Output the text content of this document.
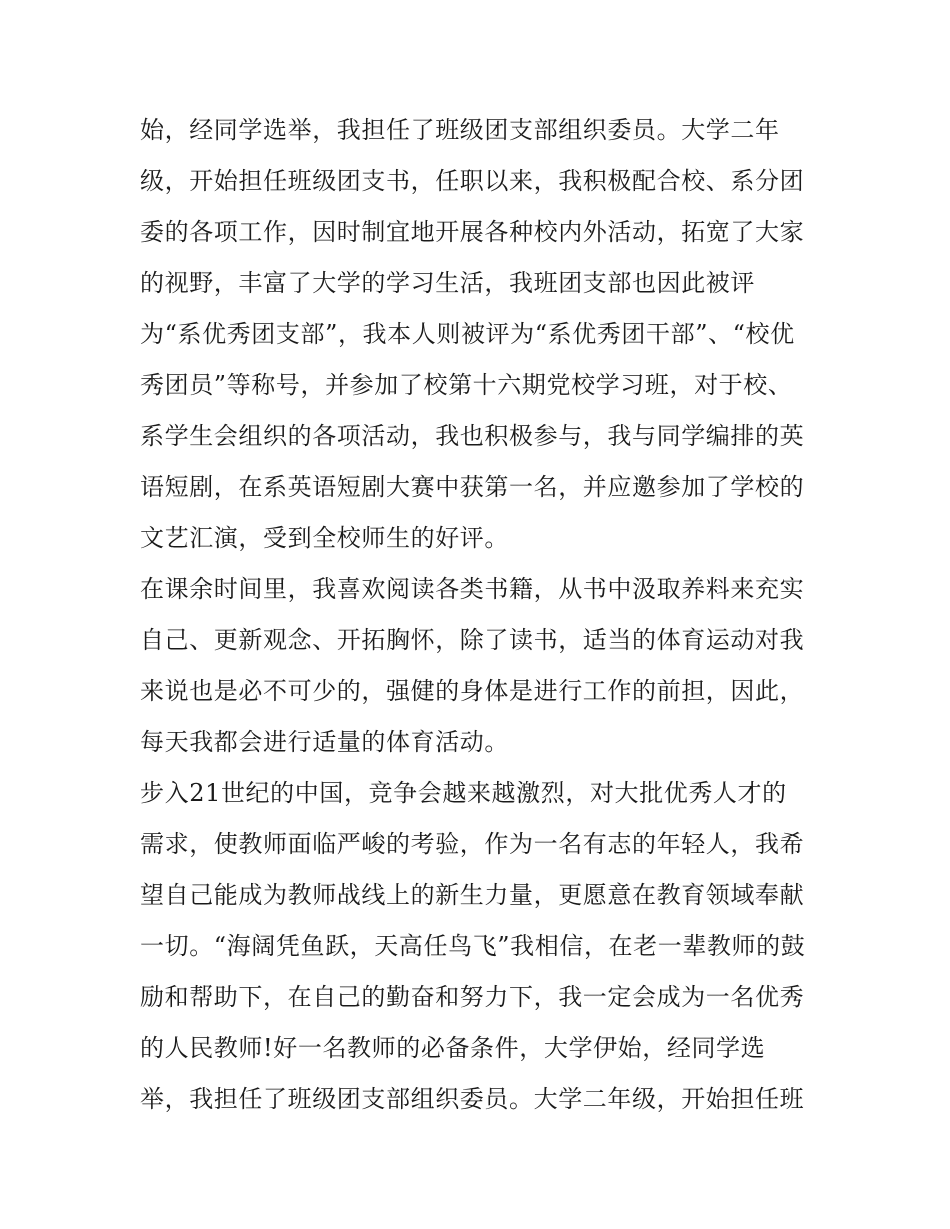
始，经同学选举，我担任了班级团支部组织委员。大学二年
级，开始担任班级团支书，任职以来，我积极配合校、系分团
委的各项工作，因时制宜地开展各种校内外活动，拓宽了大家
的视野，丰富了大学的学习生活，我班团支部也因此被评
为“系优秀团支部”，我本人则被评为“系优秀团干部”、“校优
秀团员”等称号，并参加了校第十六期党校学习班，对于校、
系学生会组织的各项活动，我也积极参与，我与同学编排的英
语短剧，在系英语短剧大赛中获第一名，并应邀参加了学校的
文艺汇演，受到全校师生的好评。
在课余时间里，我喜欢阅读各类书籍，从书中汲取养料来充实
自己、更新观念、开拓胸怀，除了读书，适当的体育运动对我
来说也是必不可少的，强健的身体是进行工作的前担，因此，
每天我都会进行适量的体育活动。
步入21世纪的中国，竞争会越来越激烈，对大批优秀人才的
需求，使教师面临严峻的考验，作为一名有志的年轻人，我希
望自己能成为教师战线上的新生力量，更愿意在教育领域奉献
一切。“海阔凭鱼跃，天高任鸟飞”我相信，在老一辈教师的鼓
励和帮助下，在自己的勤奋和努力下，我一定会成为一名优秀
的人民教师!好一名教师的必备条件，大学伊始，经同学选
举，我担任了班级团支部组织委员。大学二年级，开始担任班
